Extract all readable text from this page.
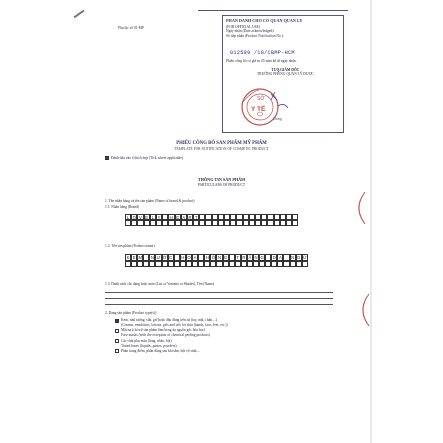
Phụ lục số 01-MP
PHAN DANH CHO CO QUAN QUAN LY
(FOR OFFICIAL USE)
Ngày nhận (Date acknowledged):
Số tiếp nhận (Product Notification No.):
012599 /18/CBMP-HCM
Phiếu công bố có giá trị 05 năm kể từ ngày nhận.
TUQ.GIÁM ĐỐC
TRƯỞNG PHÒNG QUẢN LÝ DƯỢC
SỞ
Y TẾ
Dung
PHIẾU CÔNG BỐ SẢN PHẨM MỸ PHẨM
TEMPLATE FOR NOTIFICATION OF COSMETIC PRODUCT
Đánh dấu vào ô thích hợp (Tick where applicable)
THÔNG TIN SẢN PHẨM
PARTICULARS OF PRODUCT
1. Tên nhãn hàng và tên sản phẩm (Name of brand & product)
1.1. Nhãn hàng (Brand)
L O V E L Y	H E A R T
1.2. Tên sản phẩm (Product name)
K E M	N Ư Ớ C	H O A	H Ồ N G	T R Ắ N G	D A	N G Ừ
1.3. Danh sách các dạng hoặc màu (List of Variants or Shades), Tên (Name)
2. Dạng sản phẩm (Product type(s))
Kem, nhũ tương, sữa, gel hoặc dầu dùng trên da (tay, mặt, chân,...)
(Creams, emulsions, lotions, gels and oils for skin (hands, face, feet, etc.))
Mặt nạ (chỉ trừ sản phẩm làm bong da nguồn gốc hóa học)
Face masks (with the exception of chemical peeling products)
Các chất phủ màu (lỏng, nhão, bột)
Tinted bases (liquids, pastes, powders)
Phấn trang điểm, phấn dùng sau khi tắm, bột vệ sinh,...
